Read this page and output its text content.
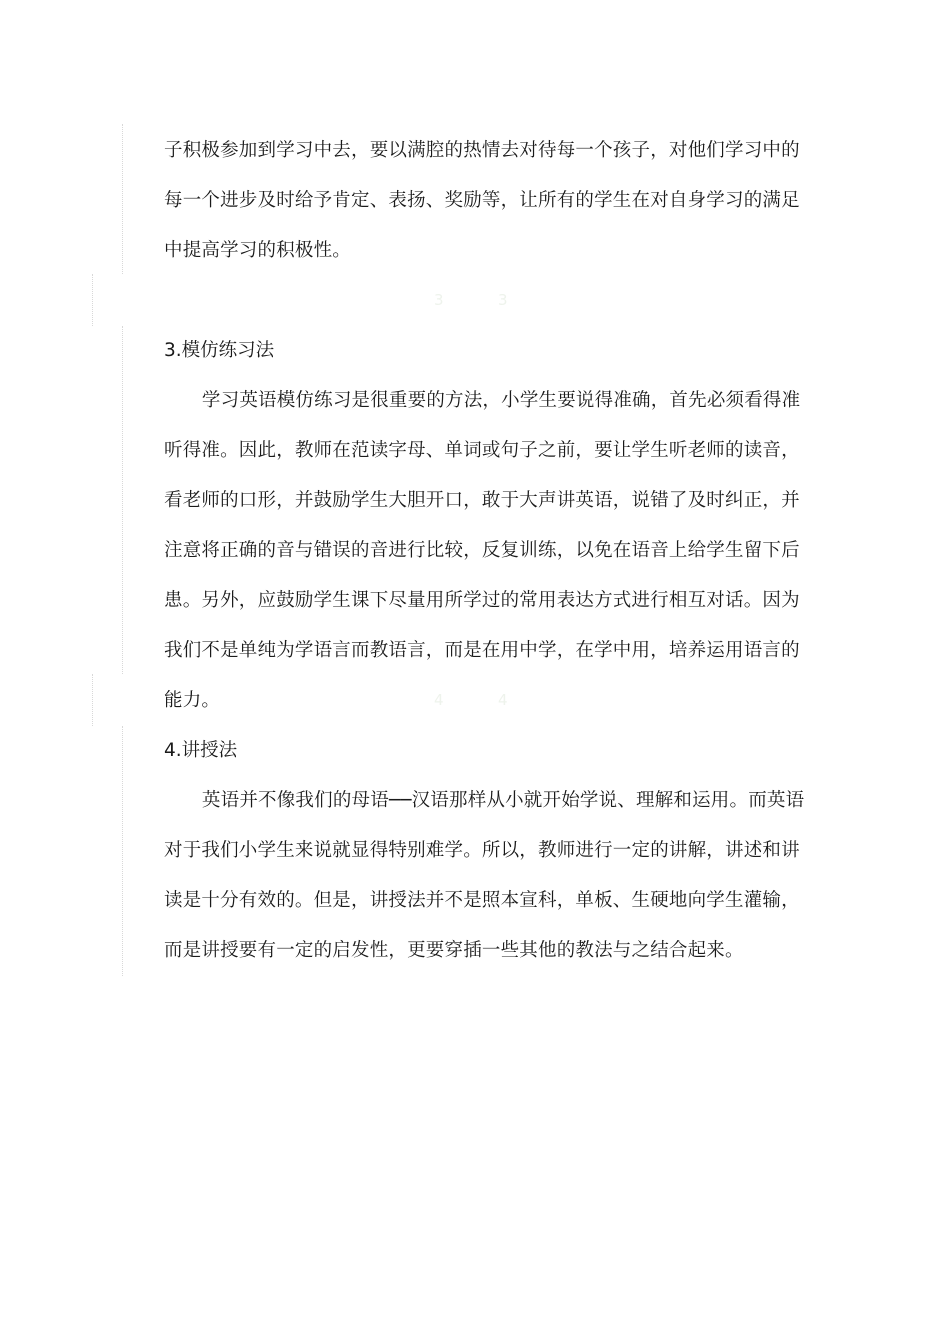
子积极参加到学习中去，要以满腔的热情去对待每一个孩子，对他们学习中的每一个进步及时给予肯定、表扬、奖励等，让所有的学生在对自身学习的满足中提高学习的积极性。

3	3
3.模仿练习法

学习英语模仿练习是很重要的方法，小学生要说得准确，首先必须看得准听得准。因此，教师在范读字母、单词或句子之前，要让学生听老师的读音，看老师的口形，并鼓励学生大胆开口，敢于大声讲英语，说错了及时纠正，并注意将正确的音与错误的音进行比较，反复训练，以免在语音上给学生留下后患。另外，应鼓励学生课下尽量用所学过的常用表达方式进行相互对话。因为我们不是单纯为学语言而教语言，而是在用中学，在学中用，培养运用语言的能力。	4	4
4.讲授法

英语并不像我们的母语──汉语那样从小就开始学说、理解和运用。而英语对于我们小学生来说就显得特别难学。所以，教师进行一定的讲解，讲述和讲读是十分有效的。但是，讲授法并不是照本宣科，单板、生硬地向学生灌输，而是讲授要有一定的启发性，更要穿插一些其他的教法与之结合起来。
